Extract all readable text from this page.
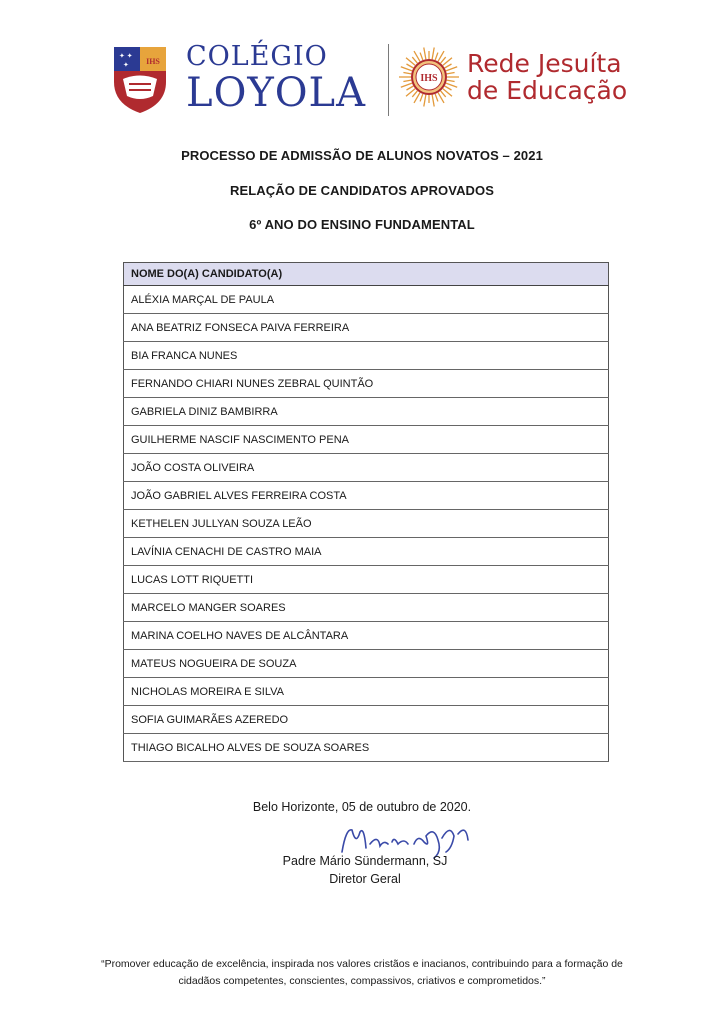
✦ ✦
✦ IHS COLÉGIO
LOYOLA	IHS
Rede Jesuíta
de Educação
PROCESSO DE ADMISSÃO DE ALUNOS NOVATOS – 2021
RELAÇÃO DE CANDIDATOS APROVADOS
6º ANO DO ENSINO FUNDAMENTAL
NOME DO(A) CANDIDATO(A)
ALÉXIA MARÇAL DE PAULA
ANA BEATRIZ FONSECA PAIVA FERREIRA
BIA FRANCA NUNES
FERNANDO CHIARI NUNES ZEBRAL QUINTÃO
GABRIELA DINIZ BAMBIRRA
GUILHERME NASCIF NASCIMENTO PENA
JOÃO COSTA OLIVEIRA
JOÃO GABRIEL ALVES FERREIRA COSTA
KETHELEN JULLYAN SOUZA LEÃO
LAVÍNIA CENACHI DE CASTRO MAIA
LUCAS LOTT RIQUETTI
MARCELO MANGER SOARES
MARINA COELHO NAVES DE ALCÂNTARA
MATEUS NOGUEIRA DE SOUZA
NICHOLAS MOREIRA E SILVA
SOFIA GUIMARÃES AZEREDO
THIAGO BICALHO ALVES DE SOUZA SOARES
Belo Horizonte, 05 de outubro de 2020.
Padre Mário Sündermann, SJ
Diretor Geral
“Promover educação de excelência, inspirada nos valores cristãos e inacianos, contribuindo para a formação de
cidadãos competentes, conscientes, compassivos, criativos e comprometidos.”
